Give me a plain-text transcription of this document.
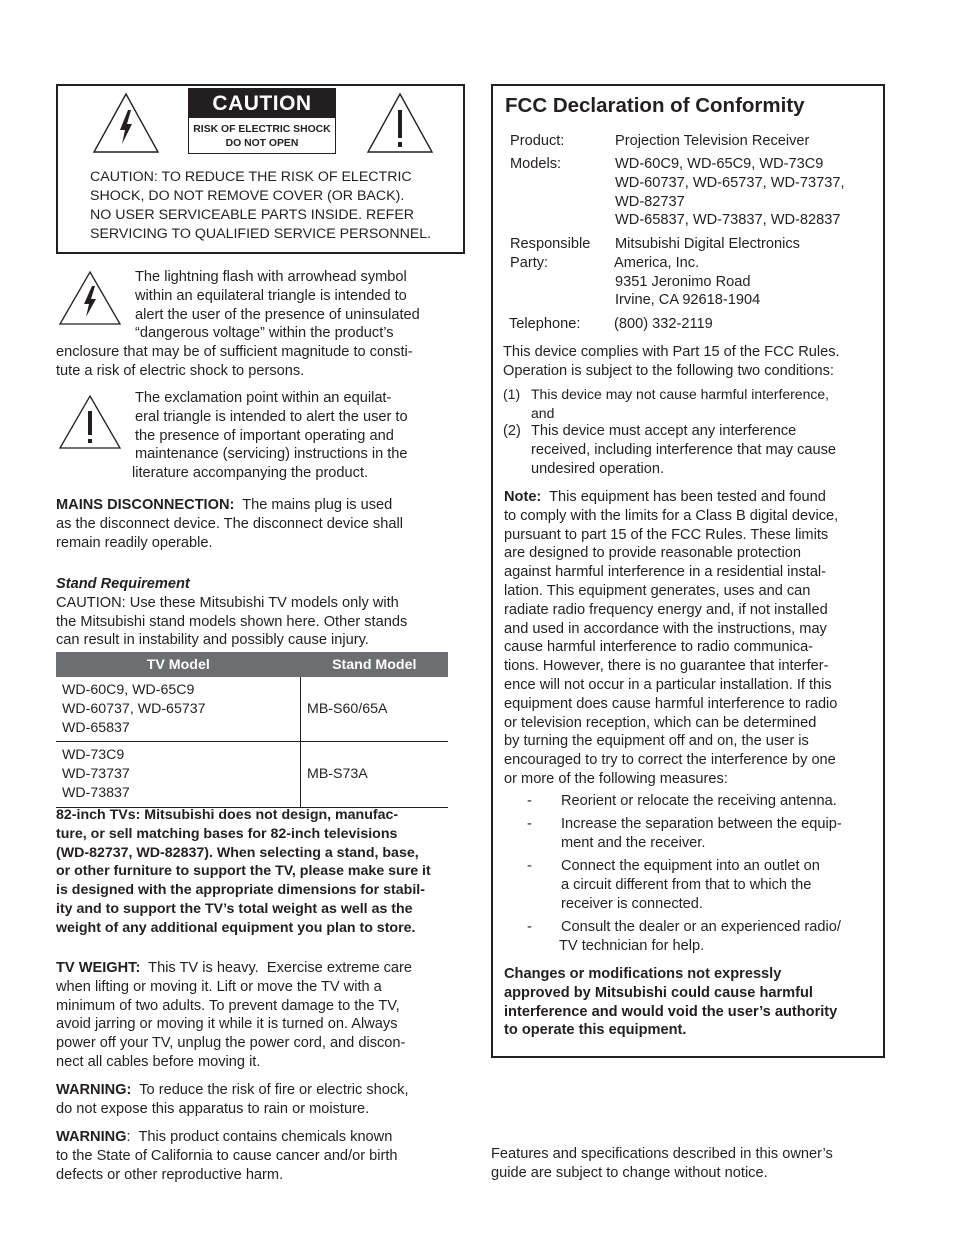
CAUTION
RISK OF ELECTRIC SHOCK
DO NOT OPEN
CAUTION: TO REDUCE THE RISK OF ELECTRIC
SHOCK, DO NOT REMOVE COVER (OR BACK).
NO USER SERVICEABLE PARTS INSIDE. REFER
SERVICING TO QUALIFIED SERVICE PERSONNEL.
The lightning flash with arrowhead symbol
within an equilateral triangle is intended to
alert the user of the presence of uninsulated
“dangerous voltage” within the product’s
enclosure that may be of sufficient magnitude to consti-
tute a risk of electric shock to persons.
The exclamation point within an equilat-
eral triangle is intended to alert the user to
the presence of important operating and
maintenance (servicing) instructions in the
literature accompanying the product.
MAINS DISCONNECTION:  The mains plug is used
as the disconnect device. The disconnect device shall
remain readily operable.
Stand Requirement
CAUTION: Use these Mitsubishi TV models only with
the Mitsubishi stand models shown here. Other stands
can result in instability and possibly cause injury.
TV Model	Stand Model

WD-60C9, WD-65C9
WD-60737, WD-65737
WD-65837	MB-S60/65A

WD-73C9
WD-73737
WD-73837	MB-S73A
82-inch TVs: Mitsubishi does not design, manufac-
ture, or sell matching bases for 82-inch televisions
(WD-82737, WD-82837). When selecting a stand, base,
or other furniture to support the TV, please make sure it
is designed with the appropriate dimensions for stabil-
ity and to support the TV’s total weight as well as the
weight of any additional equipment you plan to store.
TV WEIGHT:  This TV is heavy.  Exercise extreme care
when lifting or moving it. Lift or move the TV with a
minimum of two adults. To prevent damage to the TV,
avoid jarring or moving it while it is turned on. Always
power off your TV, unplug the power cord, and discon-
nect all cables before moving it.
WARNING:  To reduce the risk of fire or electric shock,
do not expose this apparatus to rain or moisture.
WARNING:  This product contains chemicals known
to the State of California to cause cancer and/or birth
defects or other reproductive harm.
FCC Declaration of Conformity
Product:	Projection Television Receiver
Models:	WD-60C9, WD-65C9, WD-73C9
WD-60737, WD-65737, WD-73737,
WD-82737
WD-65837, WD-73837, WD-82837
Responsible
Party:
Mitsubishi Digital Electronics
America, Inc.
9351 Jeronimo Road
Irvine, CA 92618-1904
Telephone:	(800) 332-2119
This device complies with Part 15 of the FCC Rules.
Operation is subject to the following two conditions:
(1) This device may not cause harmful interference,
and
(2) This device must accept any interference
received, including interference that may cause
undesired operation.
Note:  This equipment has been tested and found
to comply with the limits for a Class B digital device,
pursuant to part 15 of the FCC Rules. These limits
are designed to provide reasonable protection
against harmful interference in a residential instal-
lation. This equipment generates, uses and can
radiate radio frequency energy and, if not installed
and used in accordance with the instructions, may
cause harmful interference to radio communica-
tions. However, there is no guarantee that interfer-
ence will not occur in a particular installation. If this
equipment does cause harmful interference to radio
or television reception, which can be determined
by turning the equipment off and on, the user is
encouraged to try to correct the interference by one
or more of the following measures:
- Reorient or relocate the receiving antenna.
- Increase the separation between the equip-
ment and the receiver.
- Connect the equipment into an outlet on
a circuit different from that to which the
receiver is connected.
- Consult the dealer or an experienced radio/
TV technician for help.
Changes or modifications not expressly
approved by Mitsubishi could cause harmful
interference and would void the user’s authority
to operate this equipment.
Features and specifications described in this owner’s
guide are subject to change without notice.
